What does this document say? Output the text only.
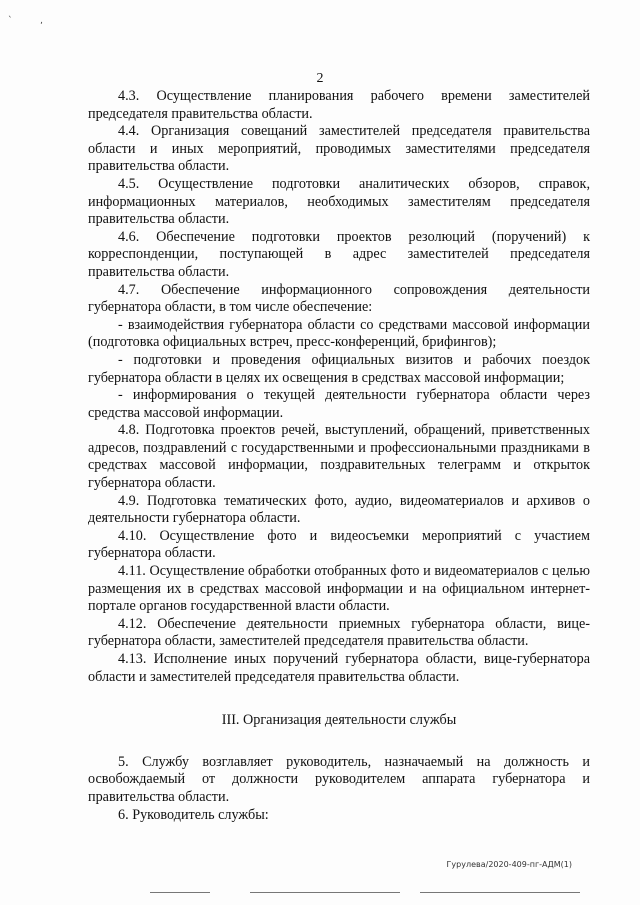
`	‚
2

4.3. Осуществление планирования рабочего времени заместителей председателя правительства области.

4.4. Организация совещаний заместителей председателя правительства области и иных мероприятий, проводимых заместителями председателя правительства области.

4.5. Осуществление подготовки аналитических обзоров, справок, информационных материалов, необходимых заместителям председателя правительства области.

4.6. Обеспечение подготовки проектов резолюций (поручений) к корреспонденции, поступающей в адрес заместителей председателя правительства области.

4.7. Обеспечение информационного сопровождения деятельности губернатора области, в том числе обеспечение:

- взаимодействия губернатора области со средствами массовой информации (подготовка официальных встреч, пресс-конференций, брифингов);

- подготовки и проведения официальных визитов и рабочих поездок губернатора области в целях их освещения в средствах массовой информации;

- информирования о текущей деятельности губернатора области через средства массовой информации.

4.8. Подготовка проектов речей, выступлений, обращений, приветственных адресов, поздравлений с государственными и профессиональными праздниками в средствах массовой информации, поздравительных телеграмм и открыток губернатора области.

4.9. Подготовка тематических фото, аудио, видеоматериалов и архивов о деятельности губернатора области.

4.10. Осуществление фото и видеосъемки мероприятий с участием губернатора области.

4.11. Осуществление обработки отобранных фото и видеоматериалов с целью размещения их в средствах массовой информации и на официальном интернет-портале органов государственной власти области.

4.12. Обеспечение деятельности приемных губернатора области, вице-губернатора области, заместителей председателя правительства области.

4.13. Исполнение иных поручений губернатора области, вице-губернатора области и заместителей председателя правительства области.

III. Организация деятельности службы

5. Службу возглавляет руководитель, назначаемый на должность и освобождаемый от должности руководителем аппарата губернатора и правительства области.

6. Руководитель службы:

Гурулева/2020-409-пг-АДМ(1)
